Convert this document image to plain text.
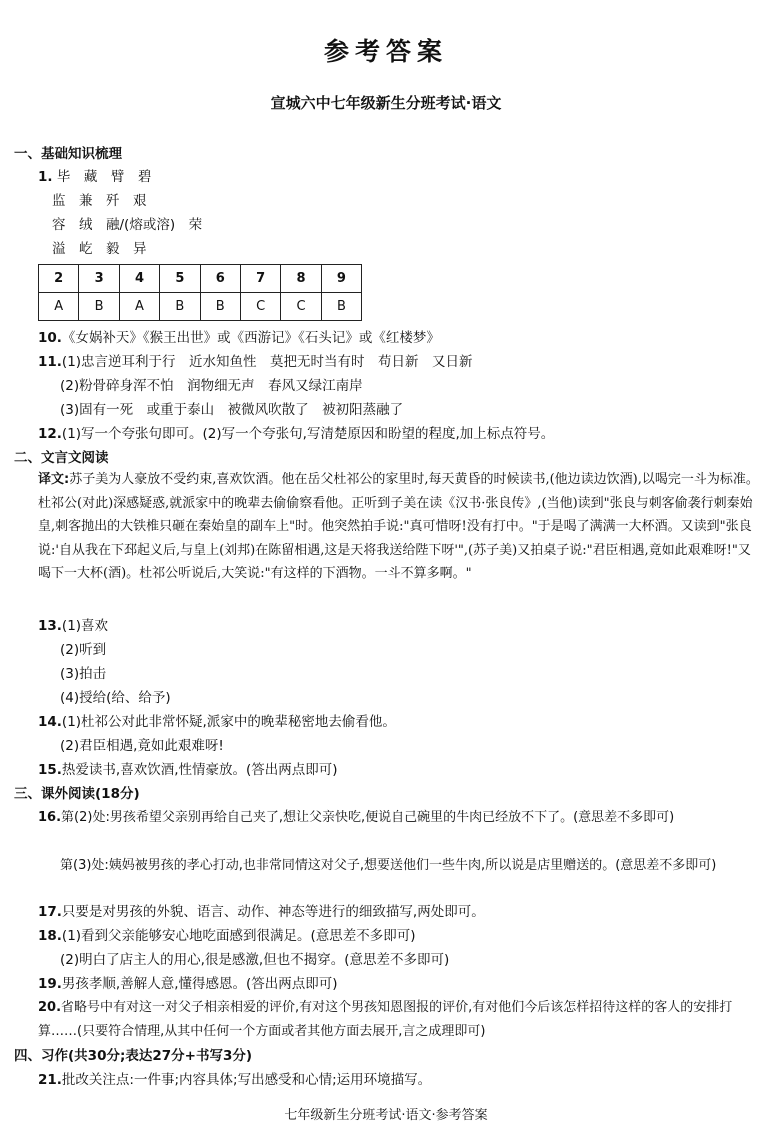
参考答案
宣城六中七年级新生分班考试·语文
一、基础知识梳理
1. 毕　藏　臂　碧
监　兼　歼　艰
容　绒　融/(熔或溶)　荣
溢　屹　毅　异
2	3	4	5	6	7	8	9
A	B	A	B	B	C	C	B
10.《女娲补天》《猴王出世》或《西游记》《石头记》或《红楼梦》
11.(1)忠言逆耳利于行　近水知鱼性　莫把无时当有时　苟日新　又日新
(2)粉骨碎身浑不怕　润物细无声　春风又绿江南岸
(3)固有一死　或重于泰山　被微风吹散了　被初阳蒸融了
12.(1)写一个夸张句即可。(2)写一个夸张句,写清楚原因和盼望的程度,加上标点符号。
二、文言文阅读
译文:苏子美为人豪放不受约束,喜欢饮酒。他在岳父杜祁公的家里时,每天黄昏的时候读书,(他边读边饮酒),以喝完一斗为标准。杜祁公(对此)深感疑惑,就派家中的晚辈去偷偷察看他。正听到子美在读《汉书·张良传》,(当他)读到"张良与刺客偷袭行刺秦始皇,刺客抛出的大铁椎只砸在秦始皇的副车上"时。他突然拍手说:"真可惜呀!没有打中。"于是喝了满满一大杯酒。又读到"张良说:'自从我在下邳起义后,与皇上(刘邦)在陈留相遇,这是天将我送给陛下呀'",(苏子美)又拍桌子说:"君臣相遇,竟如此艰难呀!"又喝下一大杯(酒)。杜祁公听说后,大笑说:"有这样的下酒物。一斗不算多啊。"
13.(1)喜欢
(2)听到
(3)拍击
(4)授给(给、给予)
14.(1)杜祁公对此非常怀疑,派家中的晚辈秘密地去偷看他。
(2)君臣相遇,竟如此艰难呀!
15.热爱读书,喜欢饮酒,性情豪放。(答出两点即可)
三、课外阅读(18分)
16.第(2)处:男孩希望父亲别再给自己夹了,想让父亲快吃,便说自己碗里的牛肉已经放不下了。(意思差不多即可)
第(3)处:姨妈被男孩的孝心打动,也非常同情这对父子,想要送他们一些牛肉,所以说是店里赠送的。(意思差不多即可)
17.只要是对男孩的外貌、语言、动作、神态等进行的细致描写,两处即可。
18.(1)看到父亲能够安心地吃面感到很满足。(意思差不多即可)
(2)明白了店主人的用心,很是感激,但也不揭穿。(意思差不多即可)
19.男孩孝顺,善解人意,懂得感恩。(答出两点即可)
20.省略号中有对这一对父子相亲相爱的评价,有对这个男孩知恩图报的评价,有对他们今后该怎样招待这样的客人的安排打算……(只要符合情理,从其中任何一个方面或者其他方面去展开,言之成理即可)
四、习作(共30分;表达27分+书写3分)
21.批改关注点:一件事;内容具体;写出感受和心情;运用环境描写。
七年级新生分班考试·语文·参考答案
